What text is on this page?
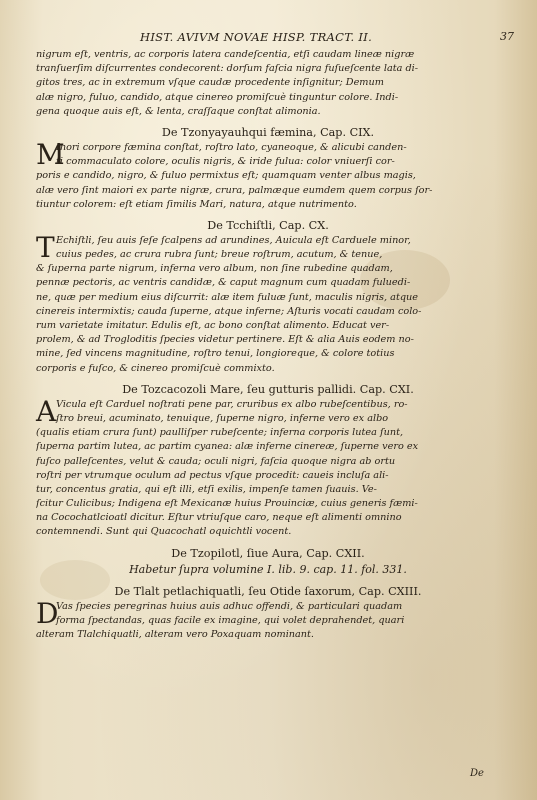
HIST. AVIVM NOVAE HISP. TRACT. II.	37
nigrum eſt, ventris, ac corporis latera candeſcentia, etſi caudam lineæ nigræ
tranſuerſim diſcurrentes condecorent: dorſum faſcia nigra fuſueſcente lata di-
gitos tres, ac in extremum vſque caudæ procedente inſignitur; Demum
alæ nigro, fuluo, candido, atque cinereo promiſcuè tinguntur colore. Indi-
gena quoque auis eſt, & lenta, craſſaque conſtat alimonia.
De Tzonyayauhqui fæmina, Cap. CIX.
M
Inori corpore fæmina conſtat, roſtro lato, cyaneoque, & alicubi canden-
ti commaculato colore, oculis nigris, & iride fulua: color vniuerſi cor-
poris e candido, nigro, & fuluo permixtus eſt; quamquam venter albus magis,
alæ vero ſint maiori ex parte nigræ, crura, palmæque eumdem quem corpus ſor-
tiuntur colorem: eſt etiam ſimilis Mari, natura, atque nutrimento.
De Tcchiſtli, Cap. CX.
T Echiſtli, ſeu auis ſeſe ſcalpens ad arundines, Auicula eſt Carduele minor,
cuius pedes, ac crura rubra ſunt; breue roſtrum, acutum, & tenue,
& ſuperna parte nigrum, inferna vero album, non ſine rubedine quadam,
pennæ pectoris, ac ventris candidæ, & caput magnum cum quadam fuluedi-
ne, quæ per medium eius diſcurrit: alæ item fuluæ ſunt, maculis nigris, atque
cinereis intermixtis; cauda ſuperne, atque inferne; Aſturis vocati caudam colo-
rum varietate imitatur. Edulis eſt, ac bono conſtat alimento. Educat ver-
prolem, & ad Trogloditis ſpecies videtur pertinere. Eſt & alia Auis eodem no-
mine, ſed vincens magnitudine, roſtro tenui, longioreque, & colore totius
corporis e fuſco, & cinereo promiſcuè commixto.
De Tozcacozoli Mare, ſeu gutturis pallidi. Cap. CXI.
A Vicula eſt Carduel noſtrati pene par, cruribus ex albo rubeſcentibus, ro-
ſtro breui, acuminato, tenuique, ſuperne nigro, inferne vero ex albo
(qualis etiam crura ſunt) paulliſper rubeſcente; inferna corporis lutea ſunt,
ſuperna partim lutea, ac partim cyanea: alæ inferne cinereæ, ſuperne vero ex
fuſco palleſcentes, velut & cauda; oculi nigri, faſcia quoque nigra ab ortu
roſtri per vtrumque oculum ad pectus vſque procedit: caueis incluſa ali-
tur, concentus gratia, qui eſt illi, etſi exilis, impenſe tamen ſuauis. Ve-
ſcitur Culicibus; Indigena eſt Mexicanæ huius Prouinciæ, cuius generis fæmi-
na Cocochatlcioatl dicitur. Eſtur vtriuſque caro, neque eſt alimenti omnino
contemnendi. Sunt qui Quacochatl oquichtli vocent.
De Tzopilotl, ſiue Aura, Cap. CXII.
Habetur ſupra volumine I. lib. 9. cap. 11. fol. 331.
De Tlalt petlachiquatli, ſeu Otide ſaxorum, Cap. CXIII.
D
Vas ſpecies peregrinas huius auis adhuc offendi, & particulari quadam
forma ſpectandas, quas facile ex imagine, qui volet deprahendet, quari
alteram Tlalchiquatli, alteram vero Poxaquam nominant.
De
